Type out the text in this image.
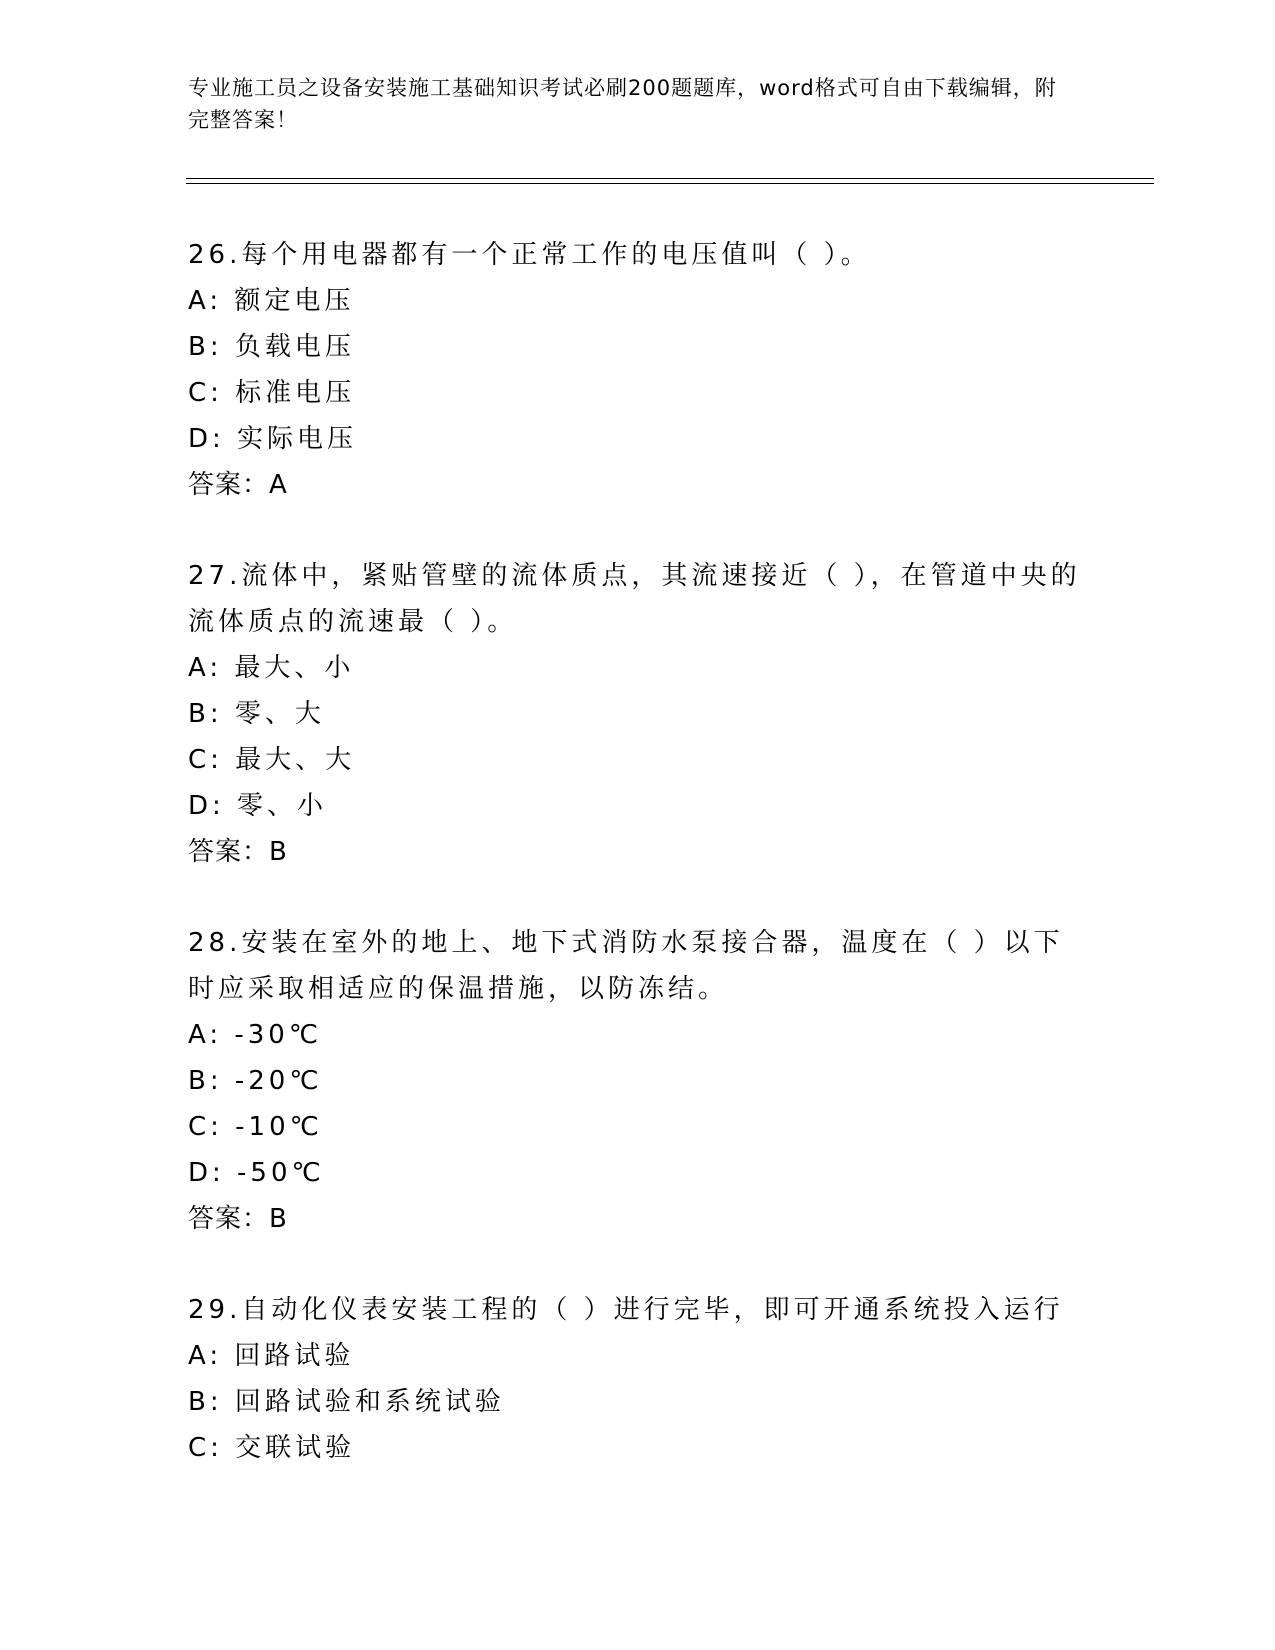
专业施工员之设备安装施工基础知识考试必刷200题题库，word格式可自由下载编辑，附完整答案！
26.每个用电器都有一个正常工作的电压值叫（ ）。
A: 额定电压
B: 负载电压
C: 标准电压
D: 实际电压
答案：A
27.流体中，紧贴管壁的流体质点，其流速接近（ ），在管道中央的流体质点的流速最（ ）。
A: 最大、小
B: 零、大
C: 最大、大
D: 零、小
答案：B
28.安装在室外的地上、地下式消防水泵接合器，温度在（ ）以下时应采取相适应的保温措施，以防冻结。
A: -30℃
B: -20℃
C: -10℃
D: -50℃
答案：B
29.自动化仪表安装工程的（ ）进行完毕，即可开通系统投入运行
A: 回路试验
B: 回路试验和系统试验
C: 交联试验
